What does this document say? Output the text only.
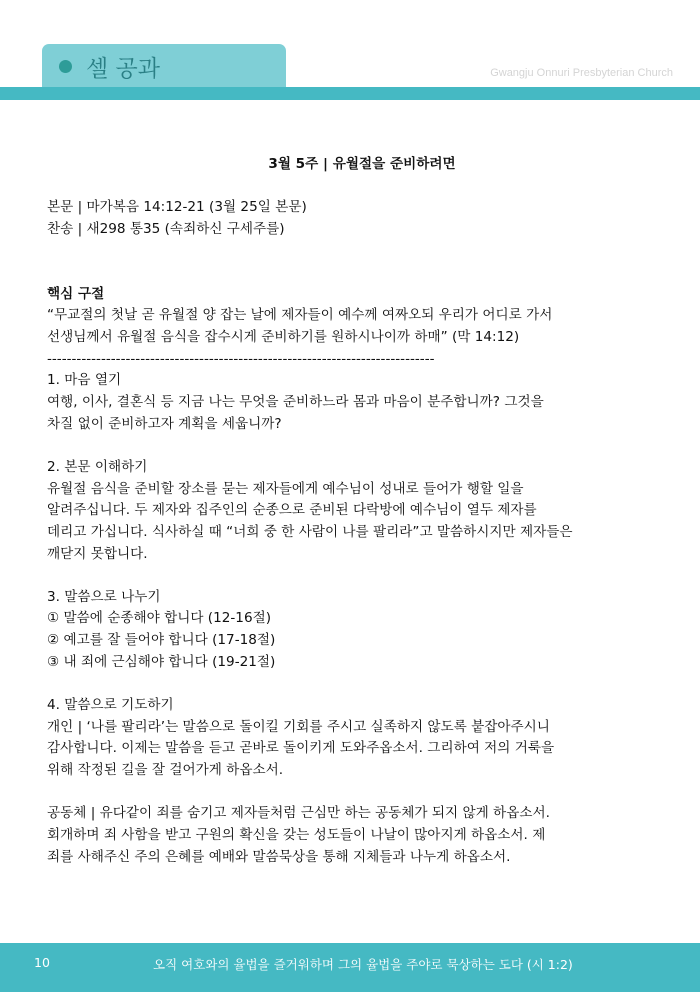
셀 공과	Gwangju Onnuri Presbyterian Church
3월 5주 | 유월절을 준비하려면
본문 | 마가복음 14:12-21 (3월 25일 본문)
찬송 | 새298 통35 (속죄하신 구세주를)
핵심 구절
“무교절의 첫날 곧 유월절 양 잡는 날에 제자들이 예수께 여짜오되 우리가 어디로 가서
선생님께서 유월절 음식을 잡수시게 준비하기를 원하시나이까 하매” (막 14:12)
-------------------------------------------------------------------------------
1. 마음 열기
여행, 이사, 결혼식 등 지금 나는 무엇을 준비하느라 몸과 마음이 분주합니까? 그것을
차질 없이 준비하고자 계획을 세웁니까?
2. 본문 이해하기
유월절 음식을 준비할 장소를 묻는 제자들에게 예수님이 성내로 들어가 행할 일을
알려주십니다. 두 제자와 집주인의 순종으로 준비된 다락방에 예수님이 열두 제자를
데리고 가십니다. 식사하실 때 “너희 중 한 사람이 나를 팔리라”고 말씀하시지만 제자들은
깨닫지 못합니다.
3. 말씀으로 나누기
① 말씀에 순종해야 합니다 (12-16절)
② 예고를 잘 들어야 합니다 (17-18절)
③ 내 죄에 근심해야 합니다 (19-21절)
4. 말씀으로 기도하기
개인 | ‘나를 팔리라’는 말씀으로 돌이킬 기회를 주시고 실족하지 않도록 붙잡아주시니
감사합니다. 이제는 말씀을 듣고 곧바로 돌이키게 도와주옵소서. 그리하여 저의 거룩을
위해 작정된 길을 잘 걸어가게 하옵소서.
공동체 | 유다같이 죄를 숨기고 제자들처럼 근심만 하는 공동체가 되지 않게 하옵소서.
회개하며 죄 사함을 받고 구원의 확신을 갖는 성도들이 나날이 많아지게 하옵소서. 제
죄를 사해주신 주의 은혜를 예배와 말씀묵상을 통해 지체들과 나누게 하옵소서.
10	오직 여호와의 율법을 즐거워하며 그의 율법을 주야로 묵상하는 도다 (시 1:2)
